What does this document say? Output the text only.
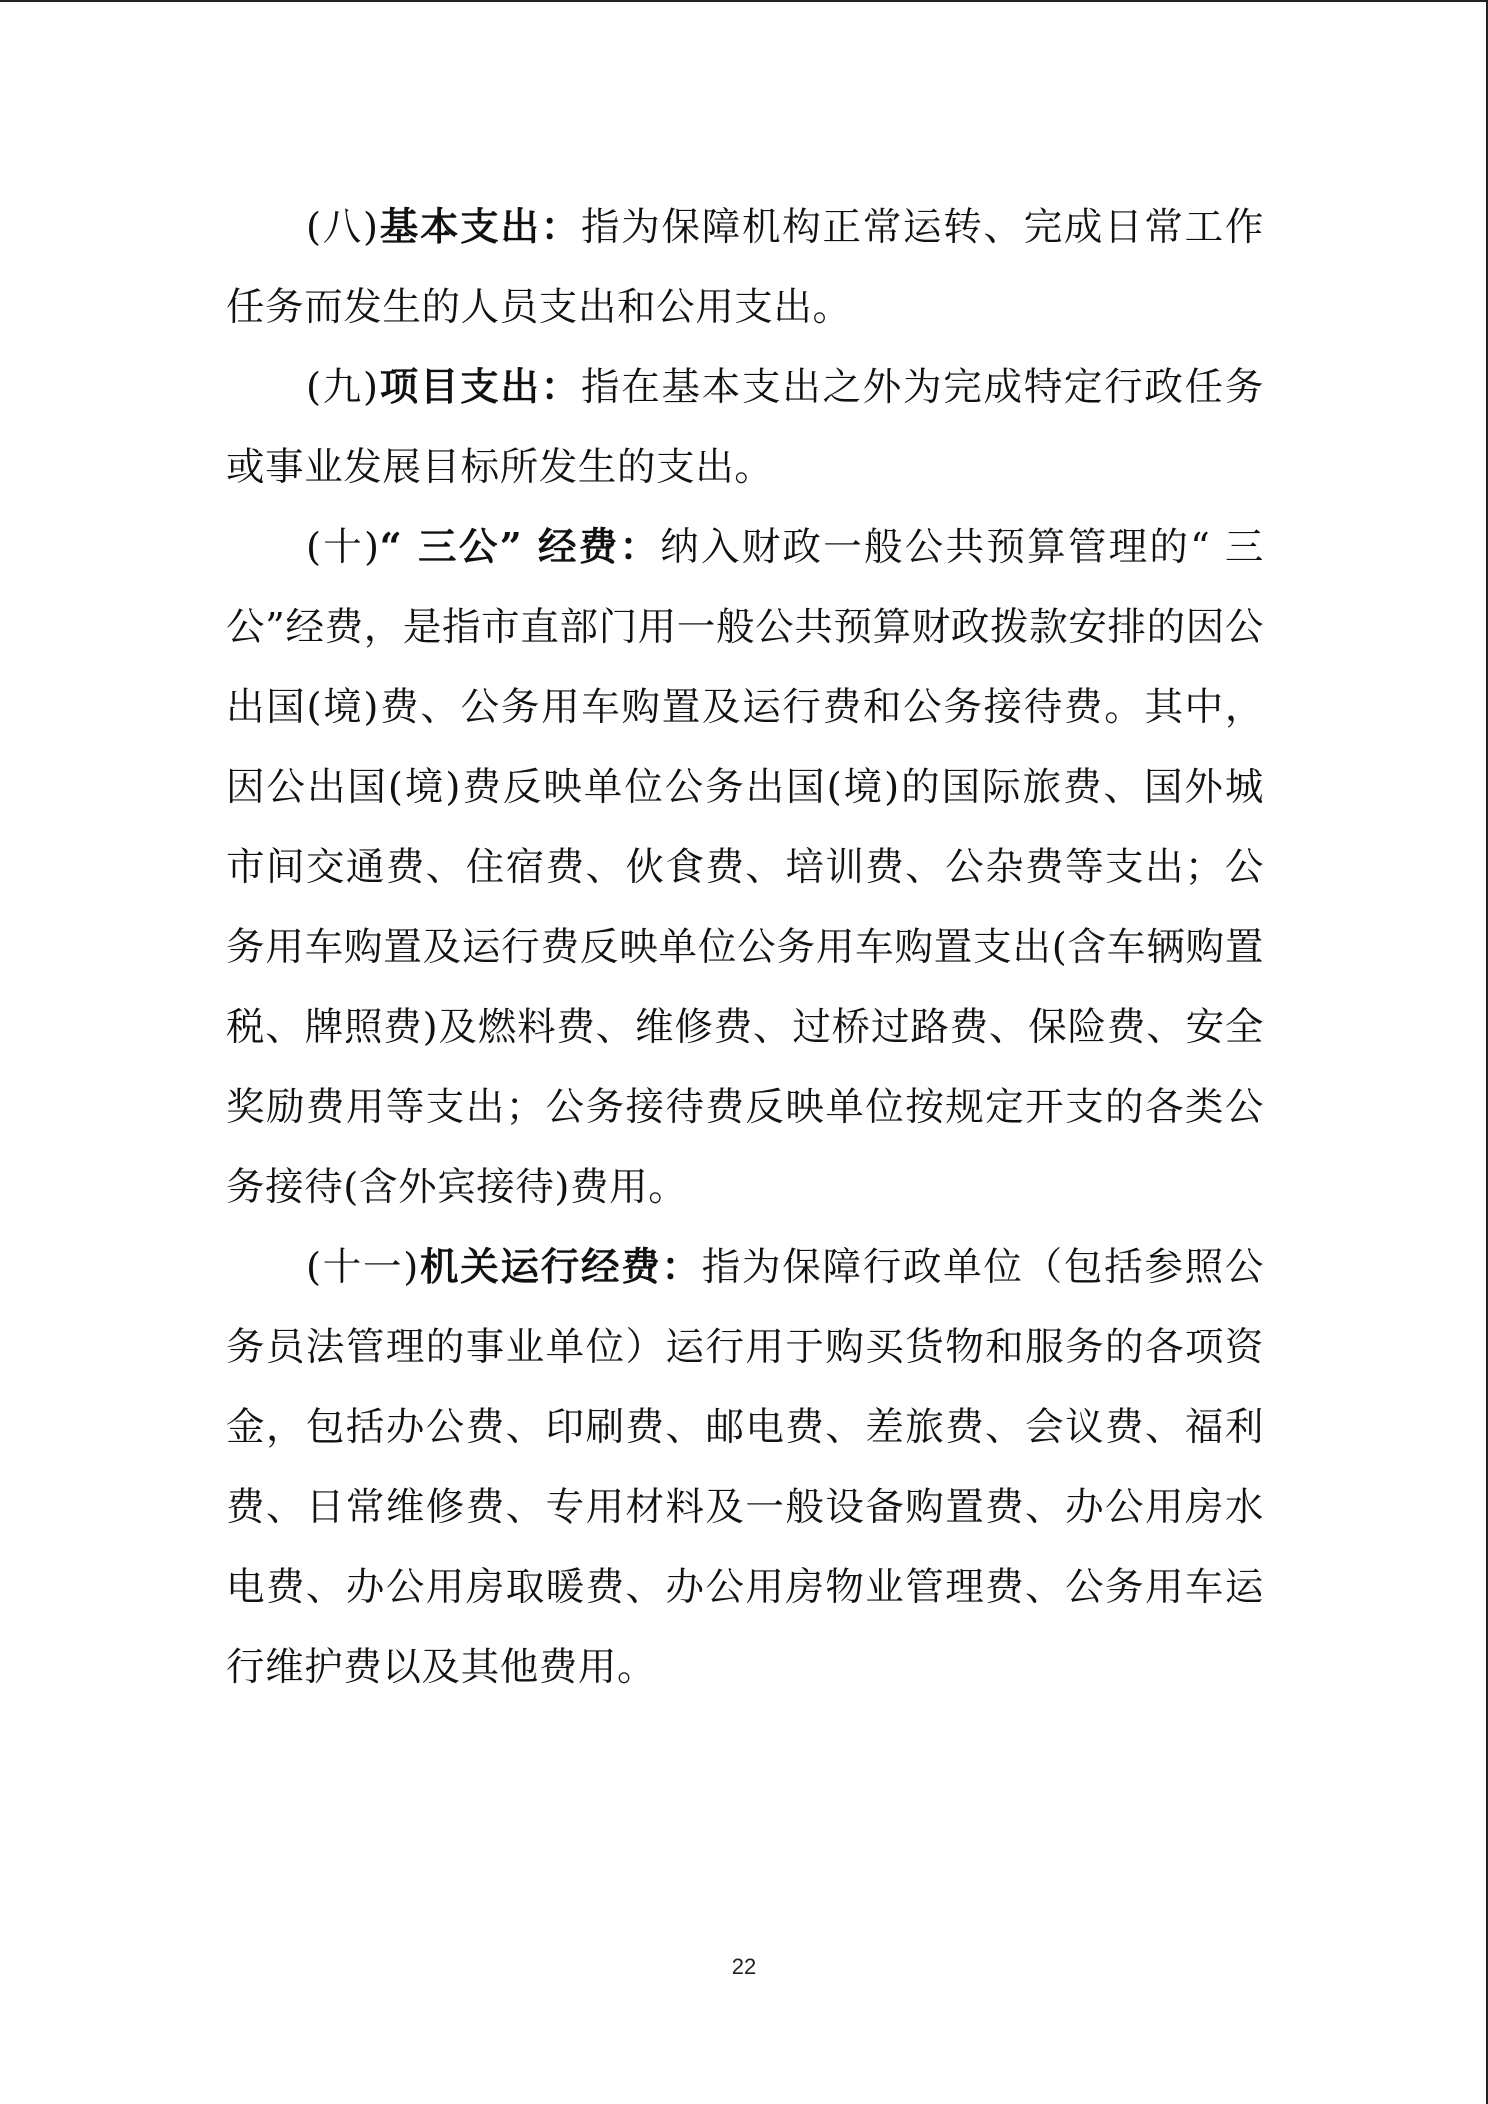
(八)基本支出：指为保障机构正常运转、完成日常工作任务而发生的人员支出和公用支出。

(九)项目支出：指在基本支出之外为完成特定行政任务或事业发展目标所发生的支出。

(十)“ 三公” 经费：纳入财政一般公共预算管理的“ 三公”经费，是指市直部门用一般公共预算财政拨款安排的因公出国(境)费、公务用车购置及运行费和公务接待费。其中，因公出国(境)费反映单位公务出国(境)的国际旅费、国外城市间交通费、住宿费、伙食费、培训费、公杂费等支出；公务用车购置及运行费反映单位公务用车购置支出(含车辆购置税、牌照费)及燃料费、维修费、过桥过路费、保险费、安全奖励费用等支出；公务接待费反映单位按规定开支的各类公务接待(含外宾接待)费用。

(十一)机关运行经费：指为保障行政单位（包括参照公务员法管理的事业单位）运行用于购买货物和服务的各项资金，包括办公费、印刷费、邮电费、差旅费、会议费、福利费、日常维修费、专用材料及一般设备购置费、办公用房水电费、办公用房取暖费、办公用房物业管理费、公务用车运行维护费以及其他费用。

22
